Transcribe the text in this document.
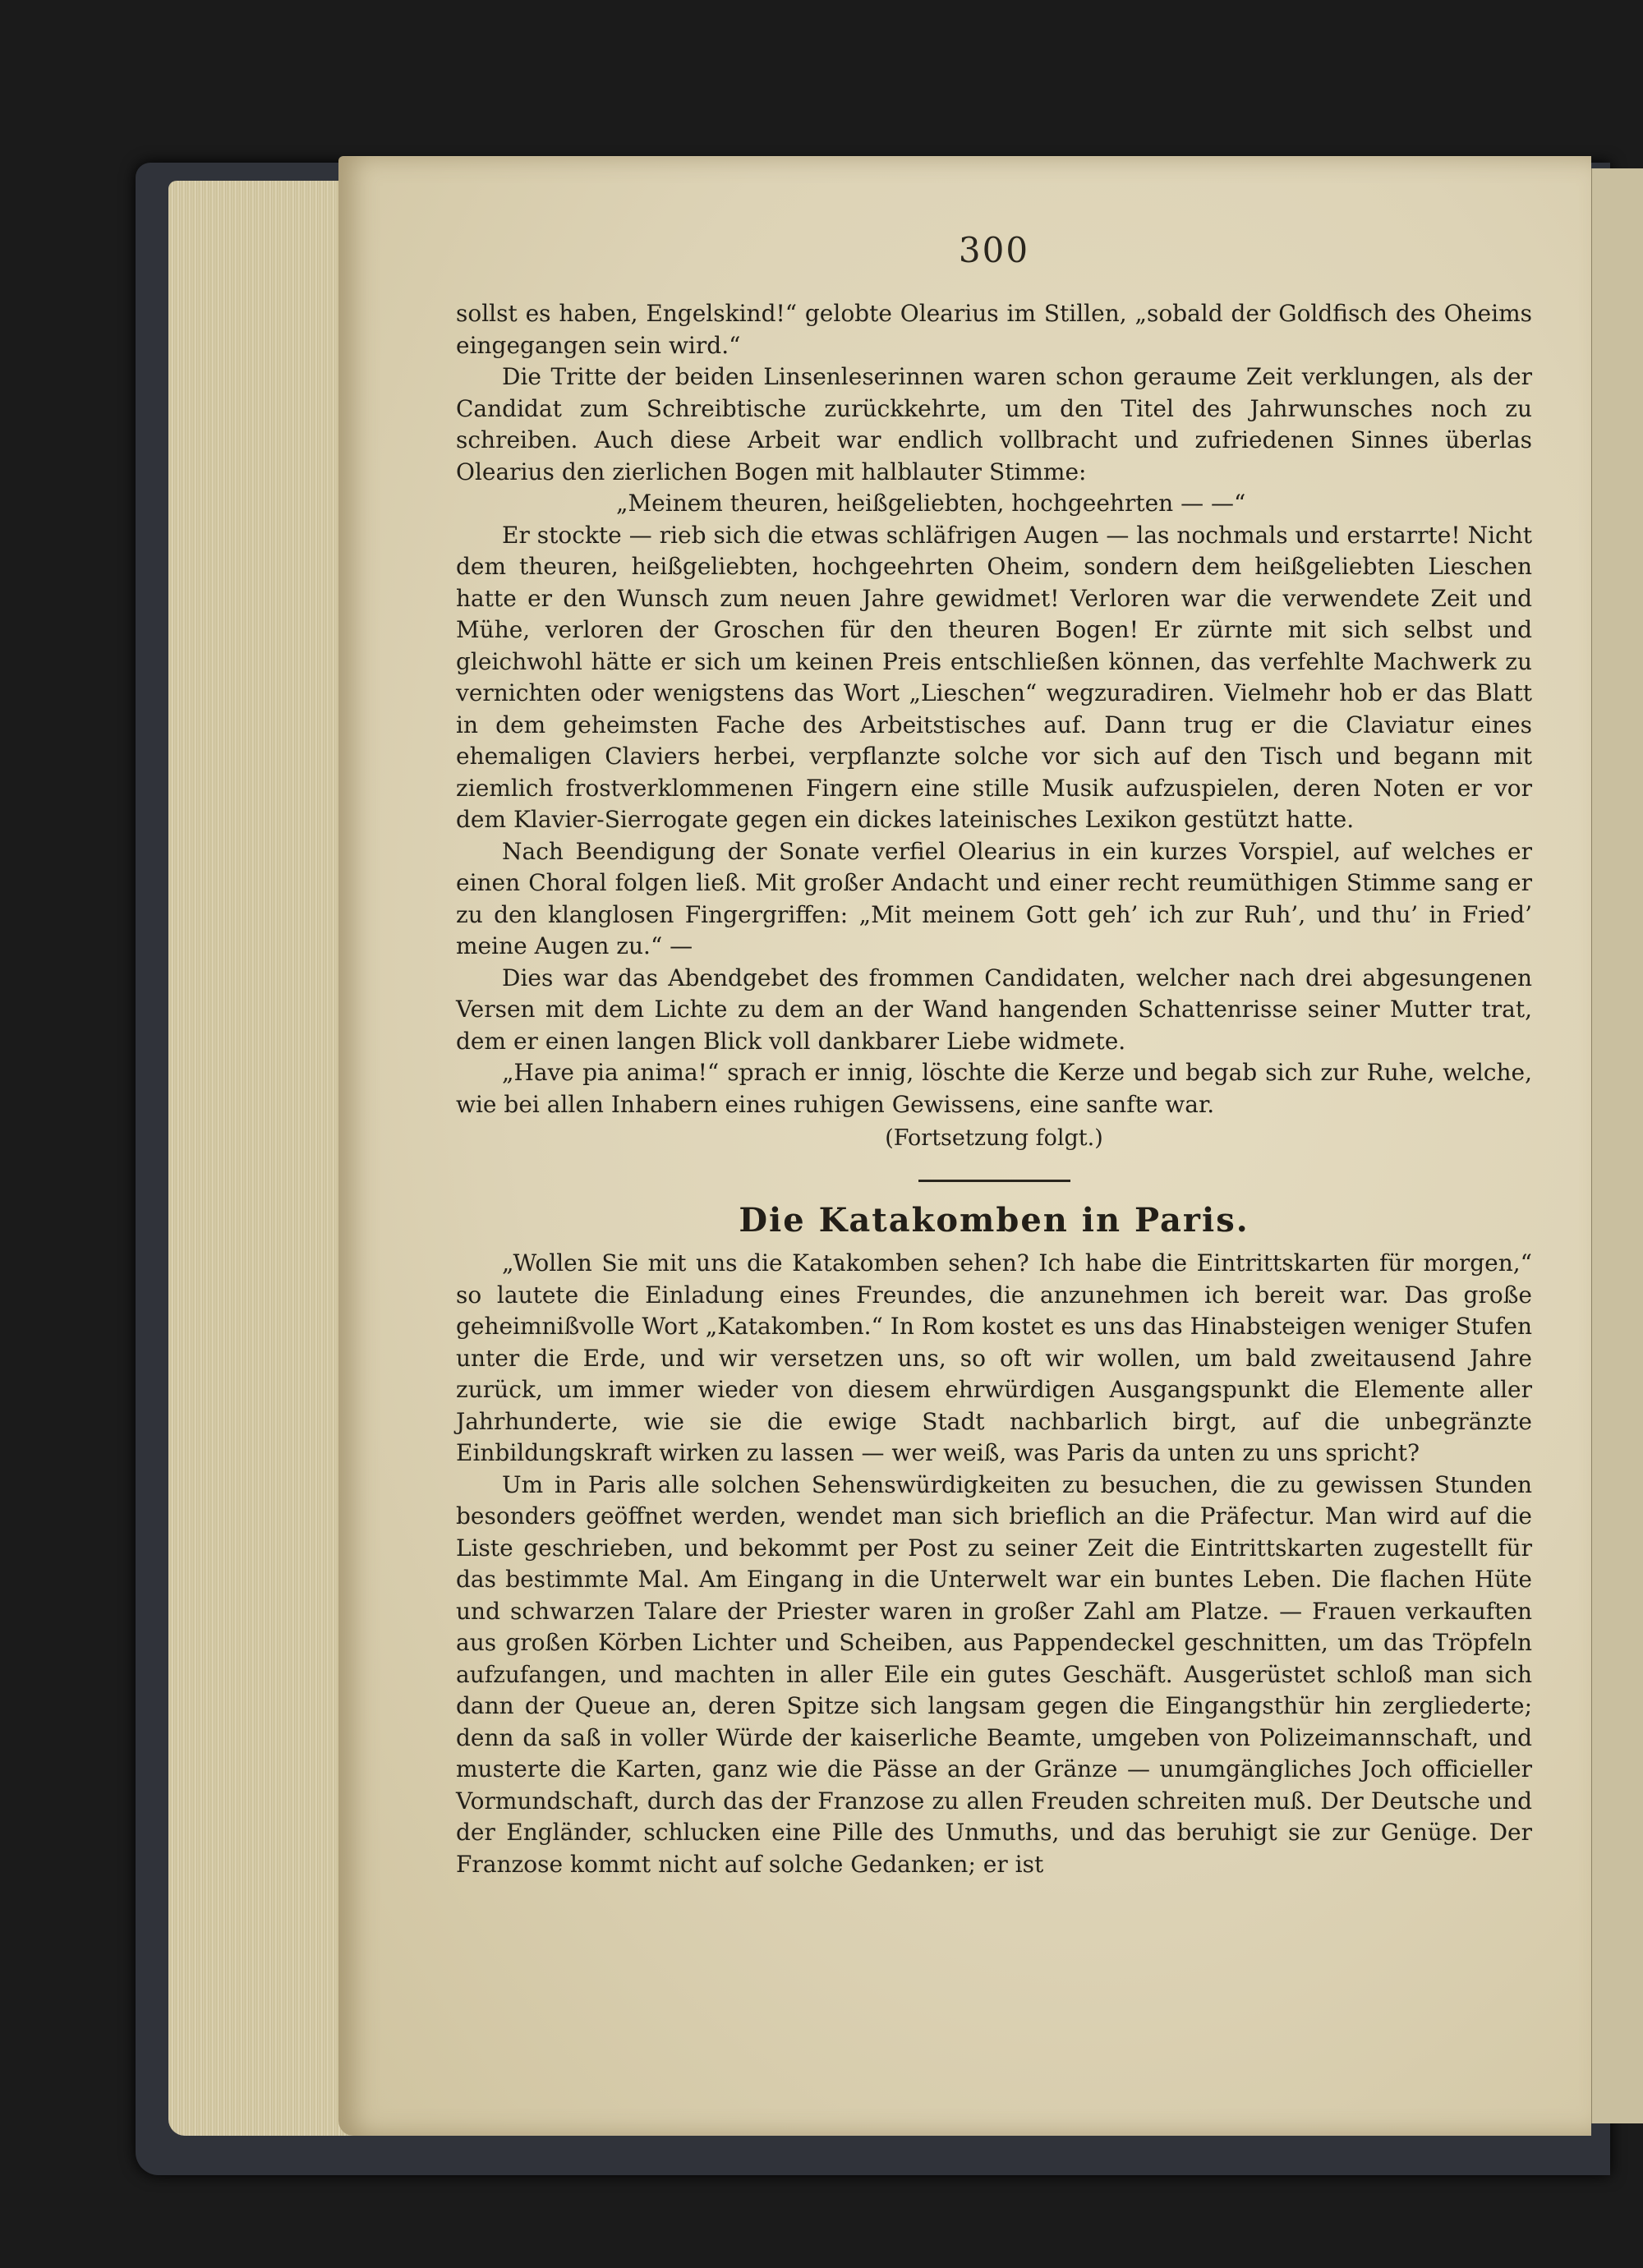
300

sollst es haben, Engelskind!“ gelobte Olearius im Stillen, „sobald der Goldfisch des Oheims eingegangen sein wird.“

Die Tritte der beiden Linsenleserinnen waren schon geraume Zeit verklungen, als der Candidat zum Schreibtische zurückkehrte, um den Titel des Jahrwunsches noch zu schreiben. Auch diese Arbeit war endlich vollbracht und zufriedenen Sinnes überlas Olearius den zierlichen Bogen mit halblauter Stimme:

„Meinem theuren, heißgeliebten, hochgeehrten — —“

Er stockte — rieb sich die etwas schläfrigen Augen — las nochmals und erstarrte! Nicht dem theuren, heißgeliebten, hochgeehrten Oheim, sondern dem heißgeliebten Lieschen hatte er den Wunsch zum neuen Jahre gewidmet! Verloren war die verwendete Zeit und Mühe, verloren der Groschen für den theuren Bogen! Er zürnte mit sich selbst und gleichwohl hätte er sich um keinen Preis entschließen können, das verfehlte Machwerk zu vernichten oder wenigstens das Wort „Lieschen“ wegzuradiren. Vielmehr hob er das Blatt in dem geheimsten Fache des Arbeitstisches auf. Dann trug er die Claviatur eines ehemaligen Claviers herbei, verpflanzte solche vor sich auf den Tisch und begann mit ziemlich frostverklommenen Fingern eine stille Musik aufzuspielen, deren Noten er vor dem Klavier-Sierrogate gegen ein dickes lateinisches Lexikon gestützt hatte.

Nach Beendigung der Sonate verfiel Olearius in ein kurzes Vorspiel, auf welches er einen Choral folgen ließ. Mit großer Andacht und einer recht reumüthigen Stimme sang er zu den klanglosen Fingergriffen: „Mit meinem Gott geh’ ich zur Ruh’, und thu’ in Fried’ meine Augen zu.“ —

Dies war das Abendgebet des frommen Candidaten, welcher nach drei abgesungenen Versen mit dem Lichte zu dem an der Wand hangenden Schattenrisse seiner Mutter trat, dem er einen langen Blick voll dankbarer Liebe widmete.

„Have pia anima!“ sprach er innig, löschte die Kerze und begab sich zur Ruhe, welche, wie bei allen Inhabern eines ruhigen Gewissens, eine sanfte war.

(Fortsetzung folgt.)
Die Katakomben in Paris.

„Wollen Sie mit uns die Katakomben sehen? Ich habe die Eintrittskarten für morgen,“ so lautete die Einladung eines Freundes, die anzunehmen ich bereit war. Das große geheimnißvolle Wort „Katakomben.“ In Rom kostet es uns das Hinabsteigen weniger Stufen unter die Erde, und wir versetzen uns, so oft wir wollen, um bald zweitausend Jahre zurück, um immer wieder von diesem ehrwürdigen Ausgangspunkt die Elemente aller Jahrhunderte, wie sie die ewige Stadt nachbarlich birgt, auf die unbegränzte Einbildungskraft wirken zu lassen — wer weiß, was Paris da unten zu uns spricht?

Um in Paris alle solchen Sehenswürdigkeiten zu besuchen, die zu gewissen Stunden besonders geöffnet werden, wendet man sich brieflich an die Präfectur. Man wird auf die Liste geschrieben, und bekommt per Post zu seiner Zeit die Eintrittskarten zugestellt für das bestimmte Mal. Am Eingang in die Unterwelt war ein buntes Leben. Die flachen Hüte und schwarzen Talare der Priester waren in großer Zahl am Platze. — Frauen verkauften aus großen Körben Lichter und Scheiben, aus Pappendeckel geschnitten, um das Tröpfeln aufzufangen, und machten in aller Eile ein gutes Geschäft. Ausgerüstet schloß man sich dann der Queue an, deren Spitze sich langsam gegen die Eingangsthür hin zergliederte; denn da saß in voller Würde der kaiserliche Beamte, umgeben von Polizeimannschaft, und musterte die Karten, ganz wie die Pässe an der Gränze — unumgängliches Joch officieller Vormundschaft, durch das der Franzose zu allen Freuden schreiten muß. Der Deutsche und der Engländer, schlucken eine Pille des Unmuths, und das beruhigt sie zur Genüge. Der Franzose kommt nicht auf solche Gedanken; er ist
